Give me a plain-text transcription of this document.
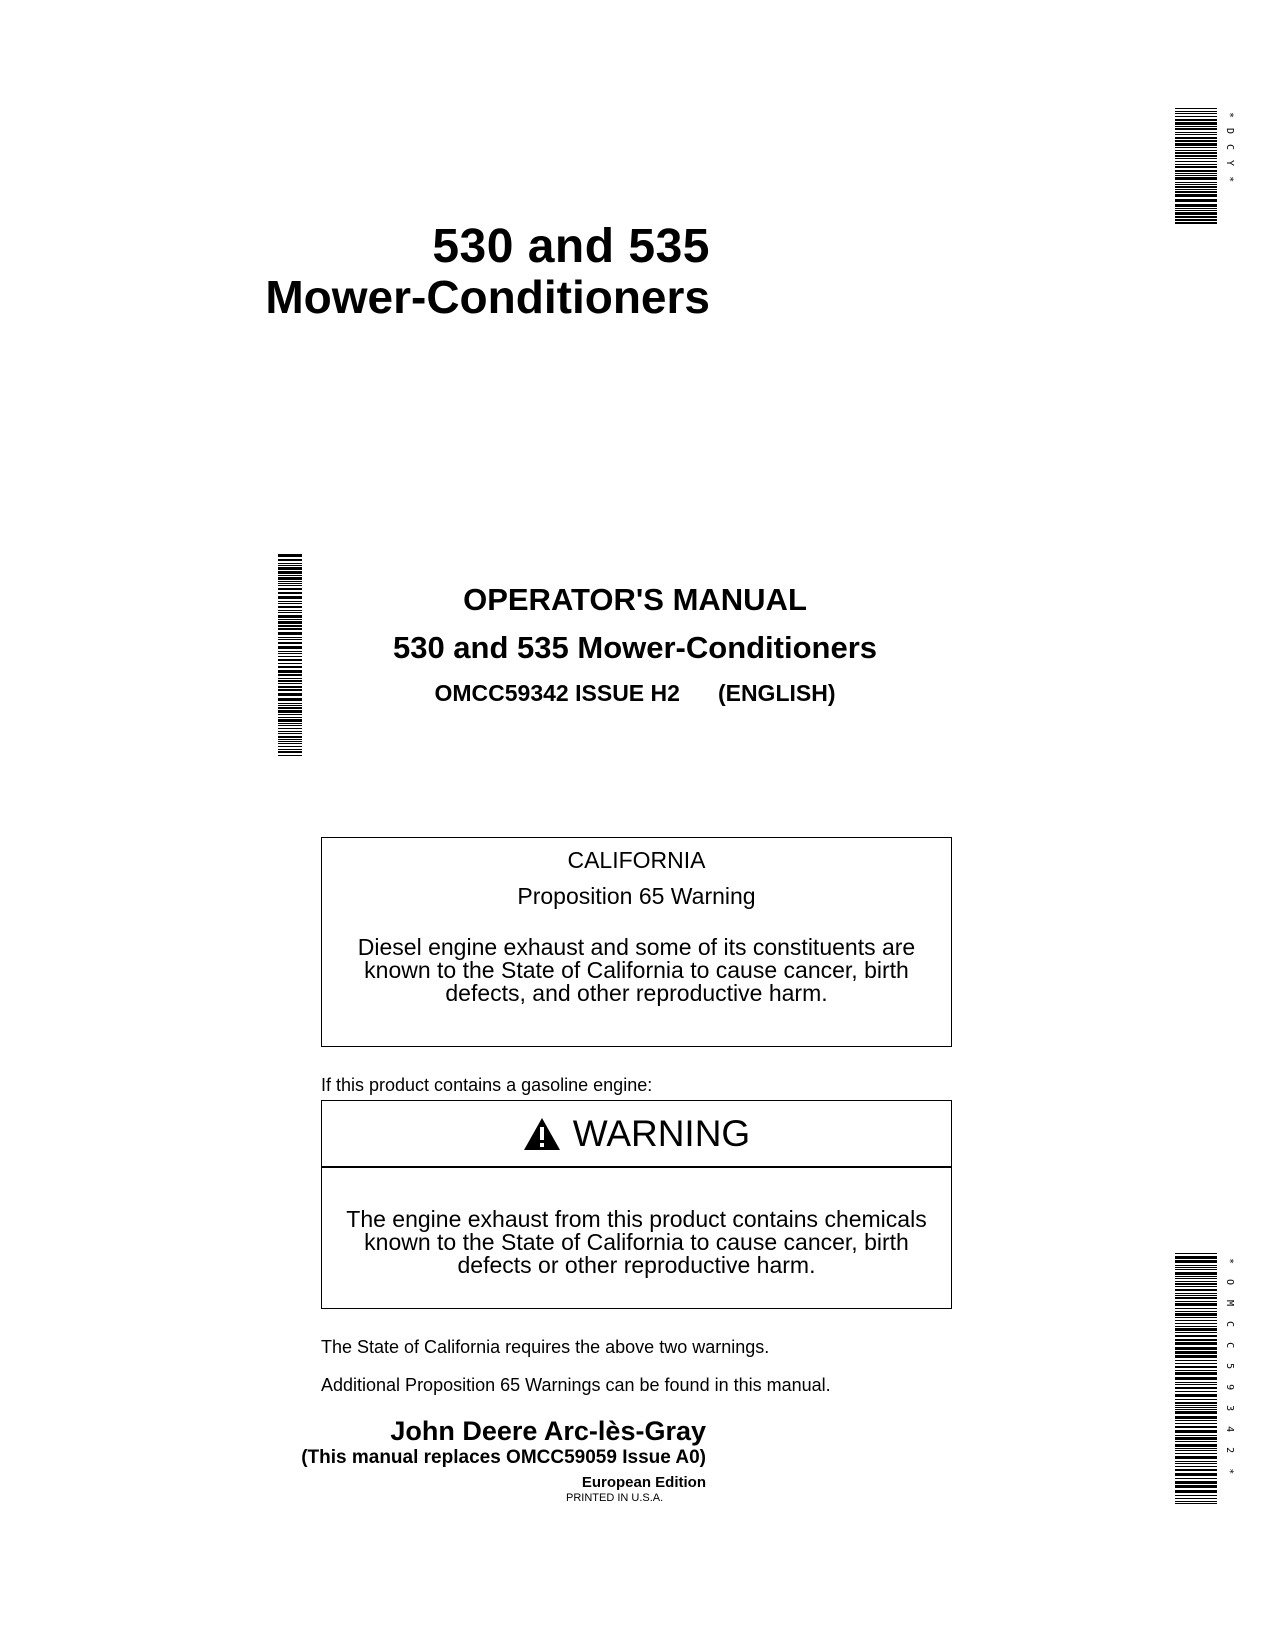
*DCY*
530 and 535
Mower-Conditioners
OPERATOR'S MANUAL
530 and 535 Mower-Conditioners
OMCC59342 ISSUE H2 (ENGLISH)
CALIFORNIA
Proposition 65 Warning
Diesel engine exhaust and some of its constituents are known to the State of California to cause cancer, birth defects, and other reproductive harm.
If this product contains a gasoline engine:
WARNING
The engine exhaust from this product contains chemicals known to the State of California to cause cancer, birth defects or other reproductive harm.
The State of California requires the above two warnings.
Additional Proposition 65 Warnings can be found in this manual.
John Deere Arc-lès-Gray
(This manual replaces OMCC59059 Issue A0)
European Edition
PRINTED IN U.S.A.
*OMCC59342*
